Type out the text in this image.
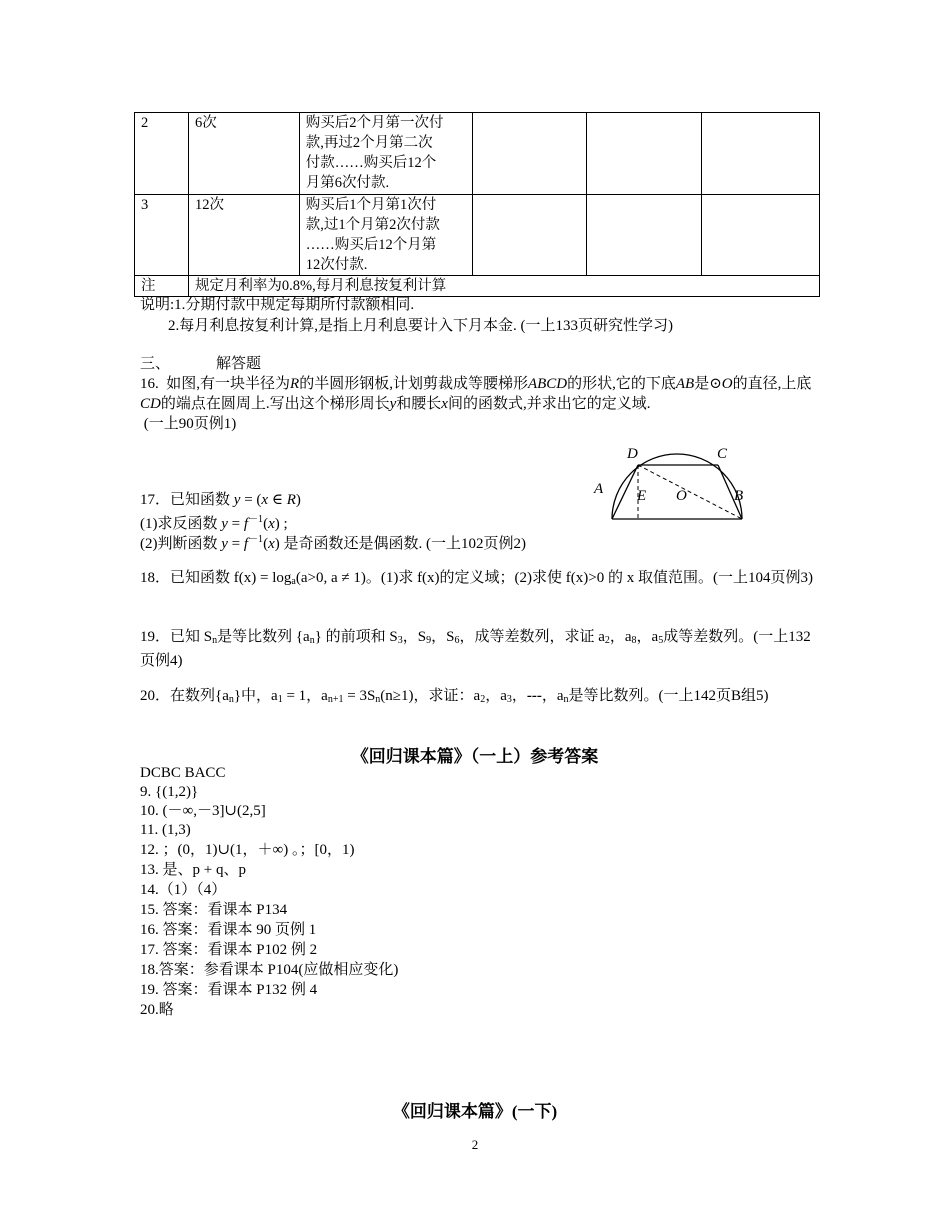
2	6次	购买后2个月第一次付
款,再过2个月第二次
付款……购买后12个
月第6次付款.			

3	12次	购买后1个月第1次付
款,过1个月第2次付款
……购买后12个月第
12次付款.			

注	规定月利率为0.8%,每月利息按复利计算				
说明:1.分期付款中规定每期所付款额相同.
2.每月利息按复利计算,是指上月利息要计入下月本金. (一上133页研究性学习)
三、	解答题
16. 如图,有一块半径为R的半圆形钢板,计划剪裁成等腰梯形ABCD的形状,它的下底AB是⊙O的直径,上底CD的端点在圆周上.写出这个梯形周长y和腰长x间的函数式,并求出它的定义域.
(一上90页例1)
D	C
A E O	B
17．已知函数 y = (x ∈ R)
(1)求反函数 $y = f^{-1}(x)$ ;
(2)判断函数 $y = f^{-1}(x)$ 是奇函数还是偶函数. (一上102页例2)
18．已知函数 $f(x) = \log_a(a>0$, a ≠ 1)。(1)求 f(x)的定义域；(2)求使 f(x)>0 的 x 取值范围。(一上104页例3)
19．已知 $S_n$是等比数列 $\{a_n\}$ 的前项和 $S_3$，$S_9$，$S_6$，成等差数列，求证 $a_2$，$a_8$，$a_5$成等差数列。(一上132页例4)
20．在数列$\{a_n\}$中，$a_1 = 1$，$a_{n+1} = 3S_n(n\ge 1)$，求证：$a_2$，$a_3$，---，$a_n$是等比数列。(一上142页B组5)
《回归课本篇》（一上）参考答案
DCBC BACC
9. {(1,2)}
10. (－∞,－3]∪(2,5]
11. (1,3)
12. ；(0，1)∪(1，＋∞) 。；[0，1)
13. 是、p + q、p
14.（1）（4）
15. 答案：看课本 P134
16. 答案：看课本 90 页例 1
17. 答案：看课本 P102 例 2
18.答案：参看课本 P104(应做相应变化)
19. 答案：看课本 P132 例 4
20.略
《回归课本篇》(一下)
2
